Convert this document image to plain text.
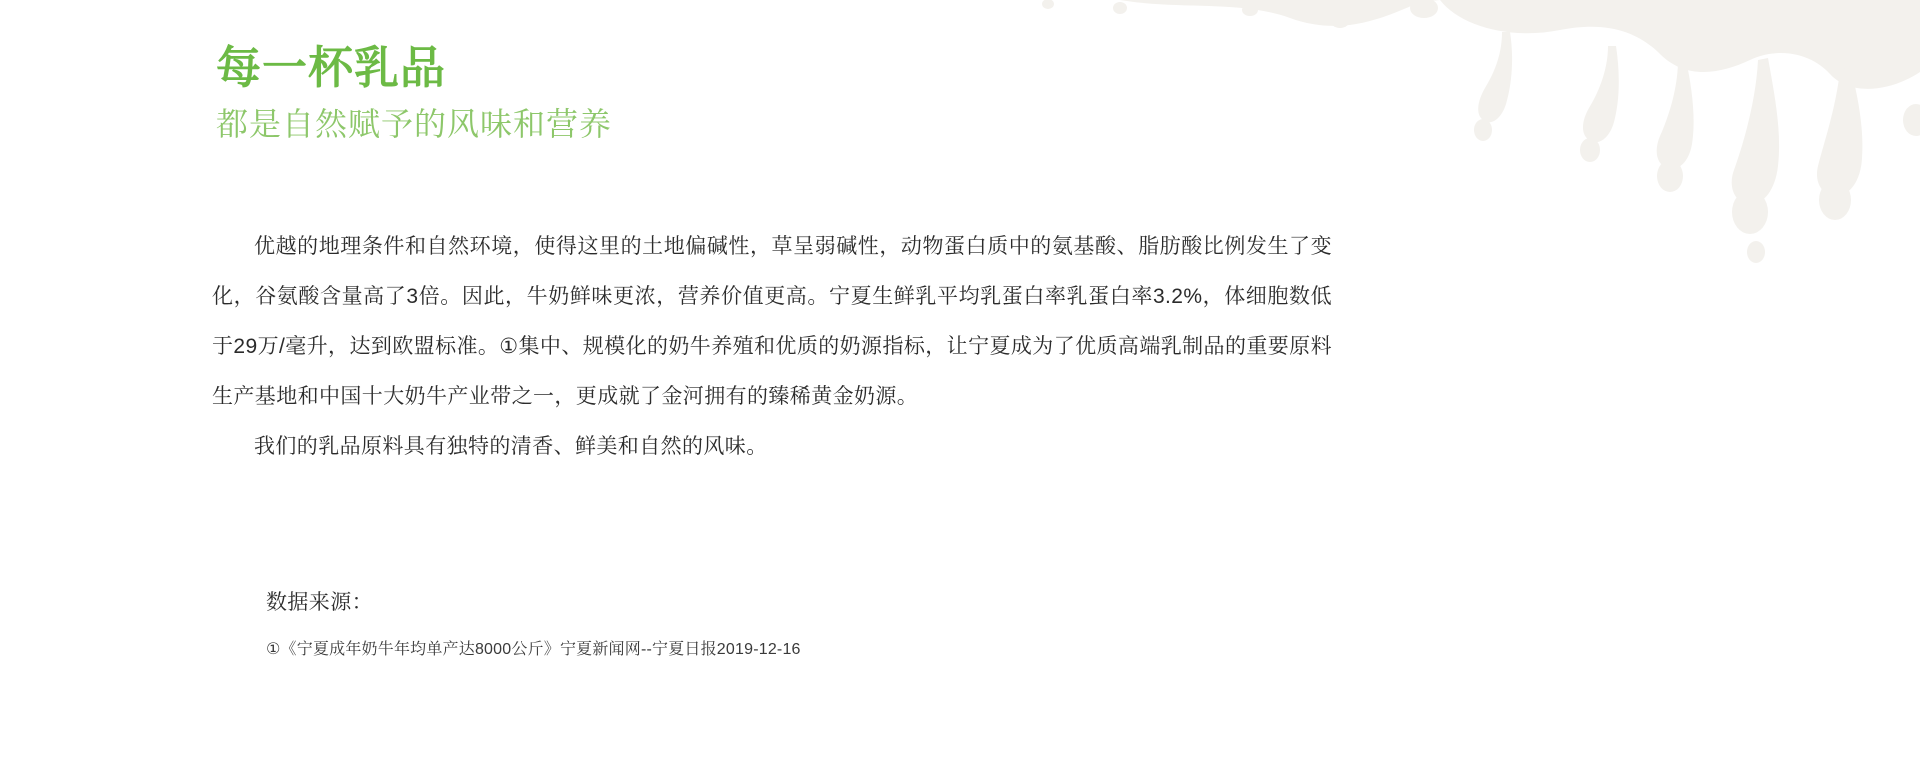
每一杯乳品
都是自然赋予的风味和营养

优越的地理条件和自然环境，使得这里的土地偏碱性，草呈弱碱性，动物蛋白质中的氨基酸、脂肪酸比例发生了变化，谷氨酸含量高了3倍。因此，牛奶鲜味更浓，营养价值更高。宁夏生鲜乳平均乳蛋白率乳蛋白率3.2%，体细胞数低于29万/毫升，达到欧盟标准。①集中、规模化的奶牛养殖和优质的奶源指标，让宁夏成为了优质高端乳制品的重要原料生产基地和中国十大奶牛产业带之一，更成就了金河拥有的臻稀黄金奶源。

我们的乳品原料具有独特的清香、鲜美和自然的风味。

数据来源：

①《宁夏成年奶牛年均单产达8000公斤》宁夏新闻网--宁夏日报2019-12-16
